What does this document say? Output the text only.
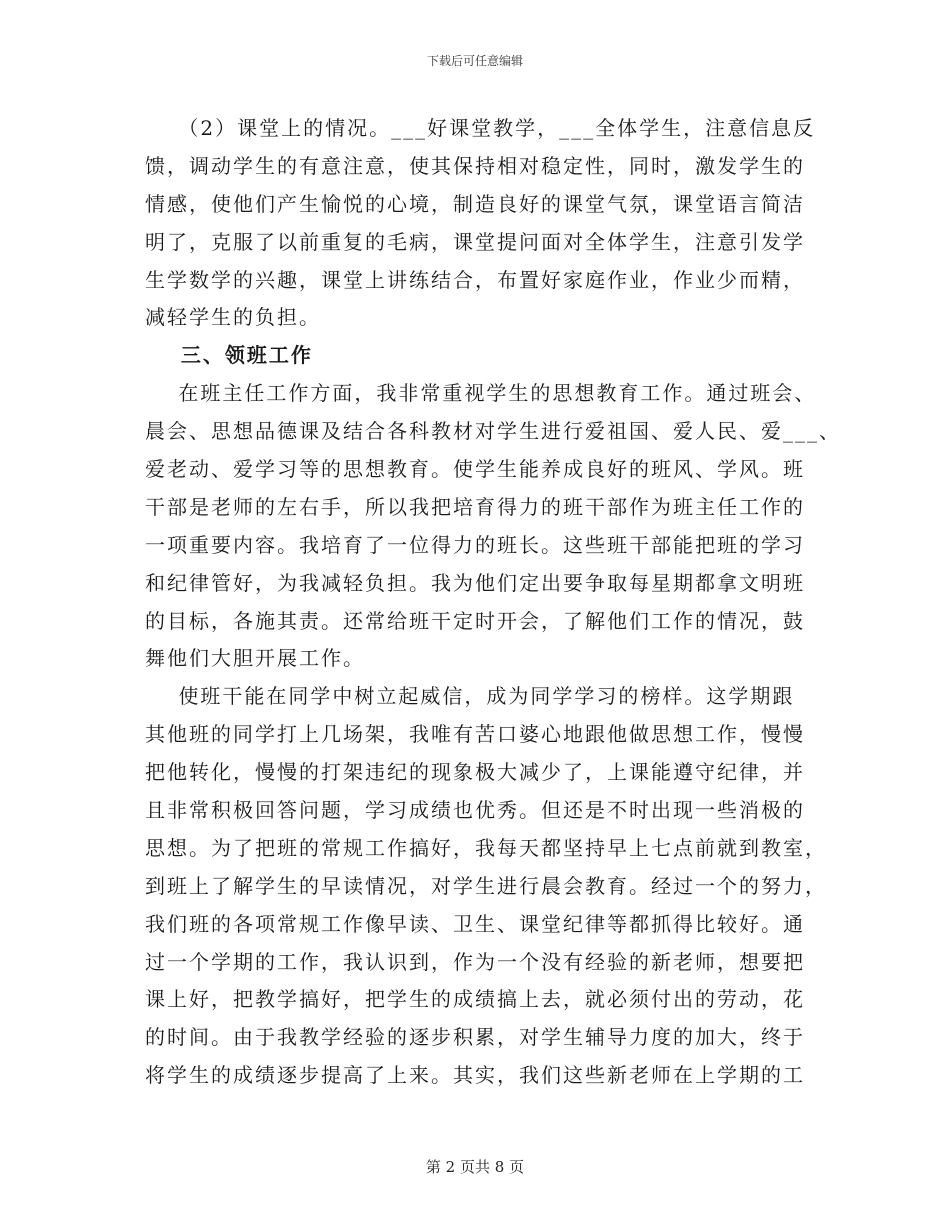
下载后可任意编辑
（2）课堂上的情况。___好课堂教学，___全体学生，注意信息反
馈，调动学生的有意注意，使其保持相对稳定性，同时，激发学生的
情感，使他们产生愉悦的心境，制造良好的课堂气氛，课堂语言简洁
明了，克服了以前重复的毛病，课堂提问面对全体学生，注意引发学
生学数学的兴趣，课堂上讲练结合，布置好家庭作业，作业少而精，
减轻学生的负担。
三、领班工作
在班主任工作方面，我非常重视学生的思想教育工作。通过班会、
晨会、思想品德课及结合各科教材对学生进行爱祖国、爱人民、爱___、
爱老动、爱学习等的思想教育。使学生能养成良好的班风、学风。班
干部是老师的左右手，所以我把培育得力的班干部作为班主任工作的
一项重要内容。我培育了一位得力的班长。这些班干部能把班的学习
和纪律管好，为我减轻负担。我为他们定出要争取每星期都拿文明班
的目标，各施其责。还常给班干定时开会，了解他们工作的情况，鼓
舞他们大胆开展工作。
使班干能在同学中树立起威信，成为同学学习的榜样。这学期跟
其他班的同学打上几场架，我唯有苦口婆心地跟他做思想工作，慢慢
把他转化，慢慢的打架违纪的现象极大减少了，上课能遵守纪律，并
且非常积极回答问题，学习成绩也优秀。但还是不时出现一些消极的
思想。为了把班的常规工作搞好，我每天都坚持早上七点前就到教室，
到班上了解学生的早读情况，对学生进行晨会教育。经过一个的努力，
我们班的各项常规工作像早读、卫生、课堂纪律等都抓得比较好。通
过一个学期的工作，我认识到，作为一个没有经验的新老师，想要把
课上好，把教学搞好，把学生的成绩搞上去，就必须付出的劳动，花
的时间。由于我教学经验的逐步积累，对学生辅导力度的加大，终于
将学生的成绩逐步提高了上来。其实，我们这些新老师在上学期的工
第 2 页共 8 页
